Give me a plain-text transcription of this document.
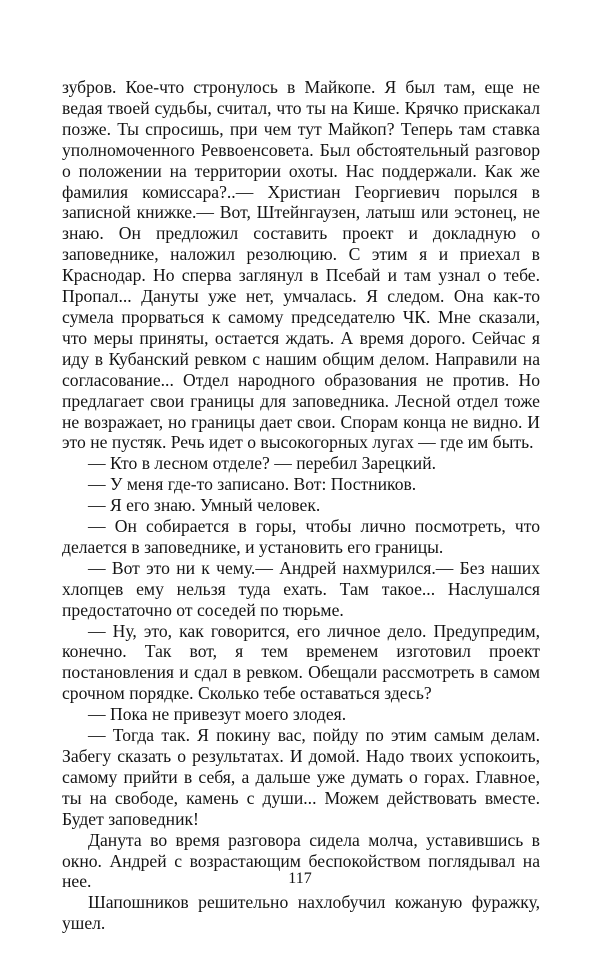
зубров. Кое-что стронулось в Майкопе. Я был там, еще не ведая твоей судьбы, считал, что ты на Кише. Крячко прискакал позже. Ты спросишь, при чем тут Майкоп? Теперь там ставка уполномоченного Реввоенсовета. Был обстоятельный разговор о положении на территории охоты. Нас поддержали. Как же фамилия комиссара?..— Христиан Георгиевич порылся в записной книжке.— Вот, Штейнгаузен, латыш или эстонец, не знаю. Он предложил составить проект и докладную о заповеднике, наложил резолюцию. С этим я и приехал в Краснодар. Но сперва заглянул в Псебай и там узнал о тебе. Пропал... Дануты уже нет, умчалась. Я следом. Она как-то сумела прорваться к самому председателю ЧК. Мне сказали, что меры приняты, остается ждать. А время дорого. Сейчас я иду в Кубанский ревком с нашим общим делом. Направили на согласование... Отдел народного образования не против. Но предлагает свои границы для заповедника. Лесной отдел тоже не возражает, но границы дает свои. Спорам конца не видно. И это не пустяк. Речь идет о высокогорных лугах — где им быть.

— Кто в лесном отделе? — перебил Зарецкий.

— У меня где-то записано. Вот: Постников.

— Я его знаю. Умный человек.

— Он собирается в горы, чтобы лично посмотреть, что делается в заповеднике, и установить его границы.

— Вот это ни к чему.— Андрей нахмурился.— Без наших хлопцев ему нельзя туда ехать. Там такое... Наслушался предостаточно от соседей по тюрьме.

— Ну, это, как говорится, его личное дело. Предупредим, конечно. Так вот, я тем временем изготовил проект постановления и сдал в ревком. Обещали рассмотреть в самом срочном порядке. Сколько тебе оставаться здесь?

— Пока не привезут моего злодея.

— Тогда так. Я покину вас, пойду по этим самым делам. Забегу сказать о результатах. И домой. Надо твоих успокоить, самому прийти в себя, а дальше уже думать о горах. Главное, ты на свободе, камень с души... Можем действовать вместе. Будет заповедник!

Данута во время разговора сидела молча, уставившись в окно. Андрей с возрастающим беспокойством поглядывал на нее.

Шапошников решительно нахлобучил кожаную фуражку, ушел.

117
